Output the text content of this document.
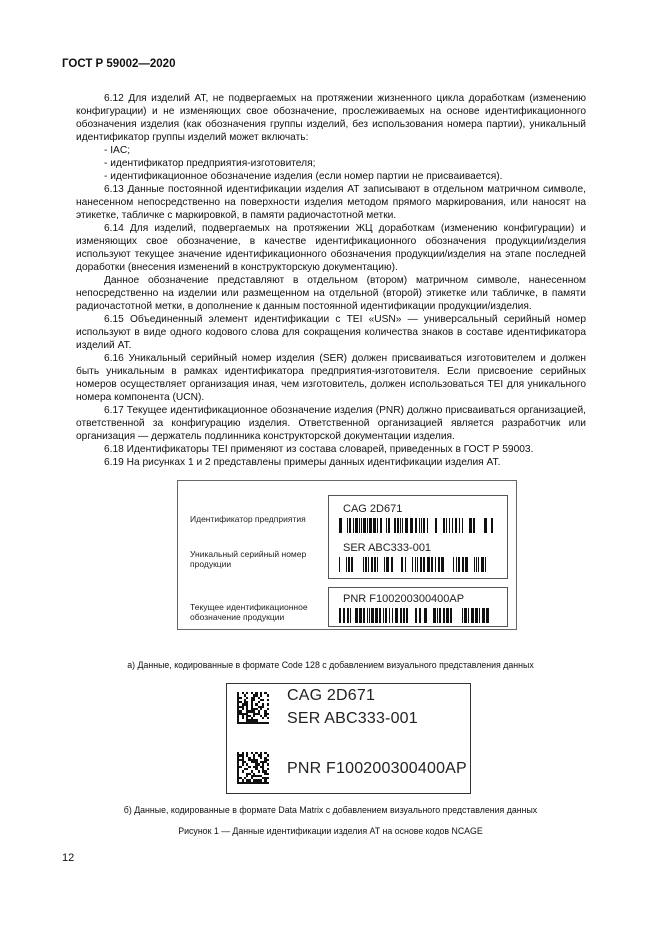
ГОСТ Р 59002—2020

6.12 Для изделий АТ, не подвергаемых на протяжении жизненного цикла доработкам (изменению конфигурации) и не изменяющих свое обозначение, прослеживаемых на основе идентификационного обозначения изделия (как обозначения группы изделий, без использования номера партии), уникальный идентификатор группы изделий может включать:

- IAC;

- идентификатор предприятия-изготовителя;

- идентификационное обозначение изделия (если номер партии не присваивается).

6.13 Данные постоянной идентификации изделия АТ записывают в отдельном матричном символе, нанесенном непосредственно на поверхности изделия методом прямого маркирования, или наносят на этикетке, табличке с маркировкой, в памяти радиочастотной метки.

6.14 Для изделий, подвергаемых на протяжении ЖЦ доработкам (изменению конфигурации) и изменяющих свое обозначение, в качестве идентификационного обозначения продукции/изделия используют текущее значение идентификационного обозначения продукции/изделия на этапе последней доработки (внесения изменений в конструкторскую документацию).

Данное обозначение представляют в отдельном (втором) матричном символе, нанесенном непосредственно на изделии или размещенном на отдельной (второй) этикетке или табличке, в памяти радиочастотной метки, в дополнение к данным постоянной идентификации продукции/изделия.

6.15 Объединенный элемент идентификации с TEI «USN» — универсальный серийный номер используют в виде одного кодового слова для сокращения количества знаков в составе идентификатора изделий АТ.

6.16 Уникальный серийный номер изделия (SER) должен присваиваться изготовителем и должен быть уникальным в рамках идентификатора предприятия-изготовителя. Если присвоение серийных номеров осуществляет организация иная, чем изготовитель, должен использоваться TEI для уникального номера компонента (UCN).

6.17 Текущее идентификационное обозначение изделия (PNR) должно присваиваться организацией, ответственной за конфигурацию изделия. Ответственной организацией является разработчик или организация — держатель подлинника конструкторской документации изделия.

6.18 Идентификаторы TEI применяют из состава словарей, приведенных в ГОСТ Р 59003.

6.19 На рисунках 1 и 2 представлены примеры данных идентификации изделия АТ.

Идентификатор предприятия
Уникальный серийный номер продукции
Текущее идентификационное обозначение продукции
CAG 2D671
SER ABC333-001
PNR F100200300400AP
а) Данные, кодированные в формате Code 128 с добавлением визуального представления данных
CAG 2D671
SER ABC333-001
PNR F100200300400AP
б) Данные, кодированные в формате Data Matrix с добавлением визуального представления данных
Рисунок 1 — Данные идентификации изделия АТ на основе кодов NCAGE
12
